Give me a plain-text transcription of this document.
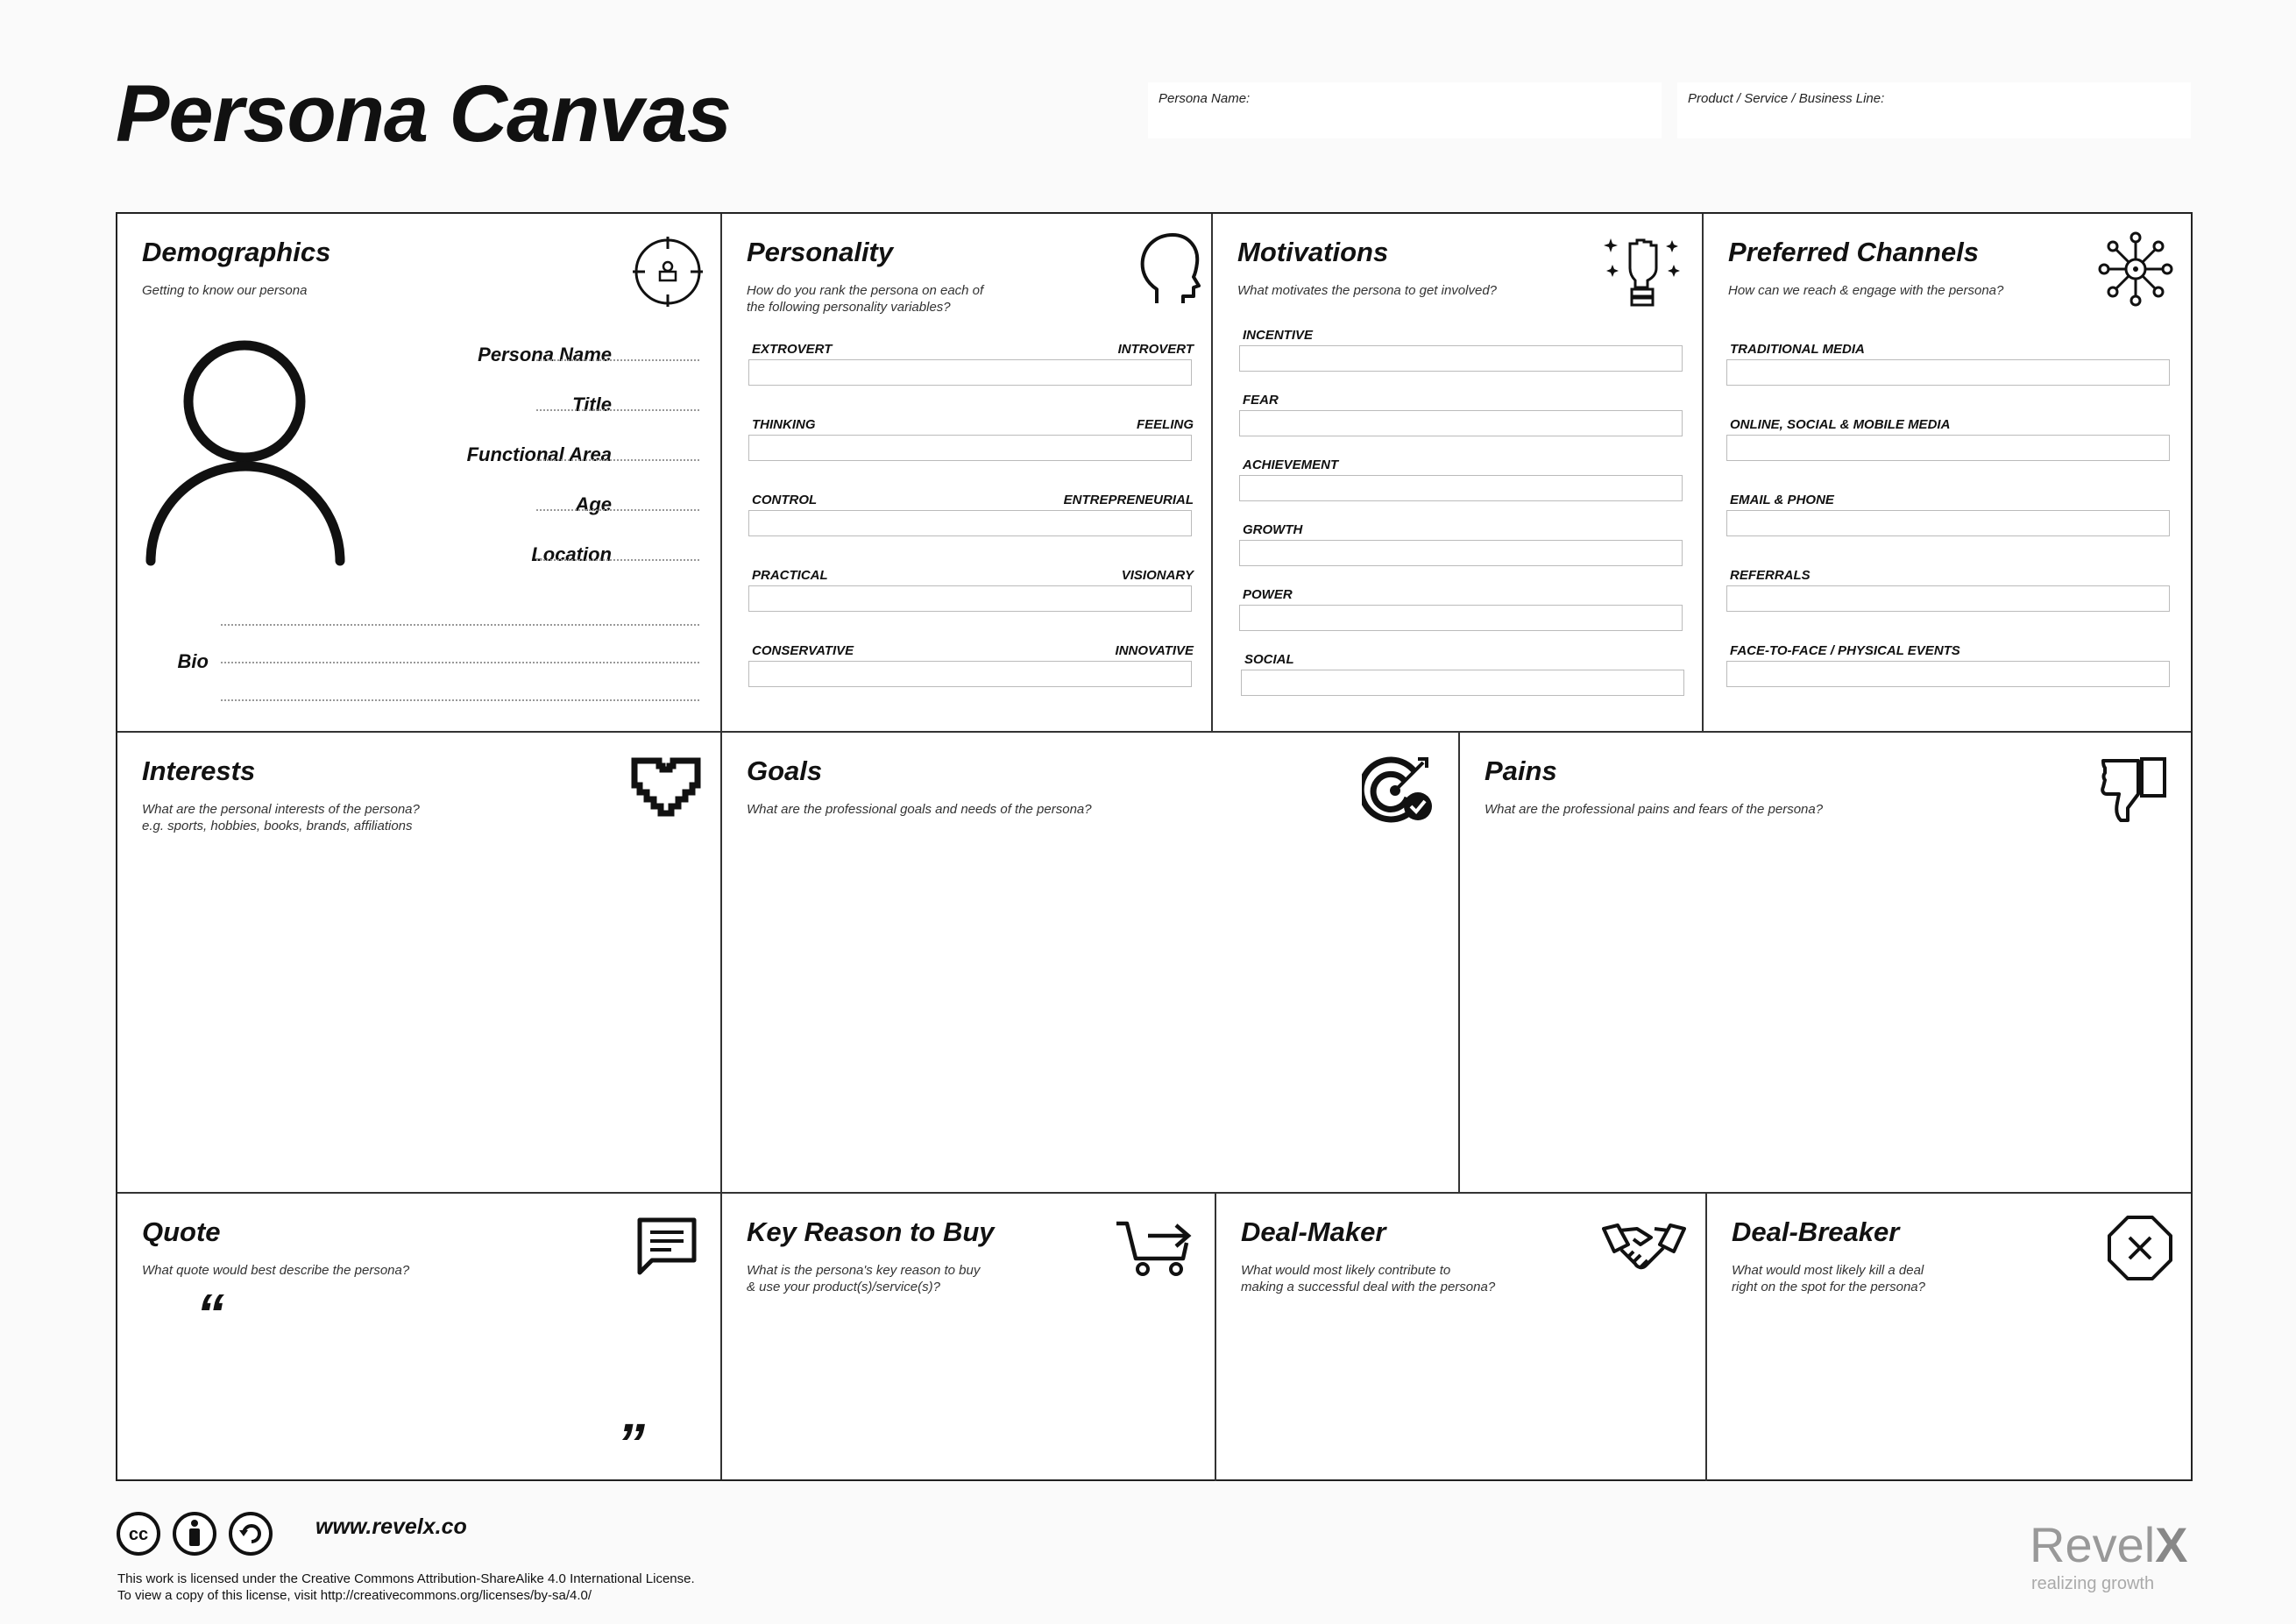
Persona Canvas	Persona Name:	Product / Service / Business Line:
Demographics
Getting to know our persona
Persona Name
Title
Functional Area
Age
Location
Bio
Personality
How do you rank the persona on each of
the following personality variables?
EXTROVERT	INTROVERT
THINKING	FEELING
CONTROL	ENTREPRENEURIAL
PRACTICAL	VISIONARY
CONSERVATIVE	INNOVATIVE
Motivations
What motivates the persona to get involved?
INCENTIVE
FEAR
ACHIEVEMENT
GROWTH
POWER
SOCIAL
Preferred Channels
How can we reach & engage with the persona?
TRADITIONAL MEDIA
ONLINE, SOCIAL & MOBILE MEDIA
EMAIL & PHONE
REFERRALS
FACE-TO-FACE / PHYSICAL EVENTS
Interests
What are the personal interests of the persona?
e.g. sports, hobbies, books, brands, affiliations
Goals
What are the professional goals and needs of the persona?
Pains
What are the professional pains and fears of the persona?
Quote
What quote would best describe the persona?
“
”
Key Reason to Buy
What is the persona's key reason to buy
& use your product(s)/service(s)?
Deal-Maker
What would most likely contribute to
making a successful deal with the persona?
Deal-Breaker
What would most likely kill a deal
right on the spot for the persona?
cc	www.revelx.co
This work is licensed under the Creative Commons Attribution-ShareAlike 4.0 International License.
To view a copy of this license, visit http://creativecommons.org/licenses/by-sa/4.0/
RevelX
realizing growth
